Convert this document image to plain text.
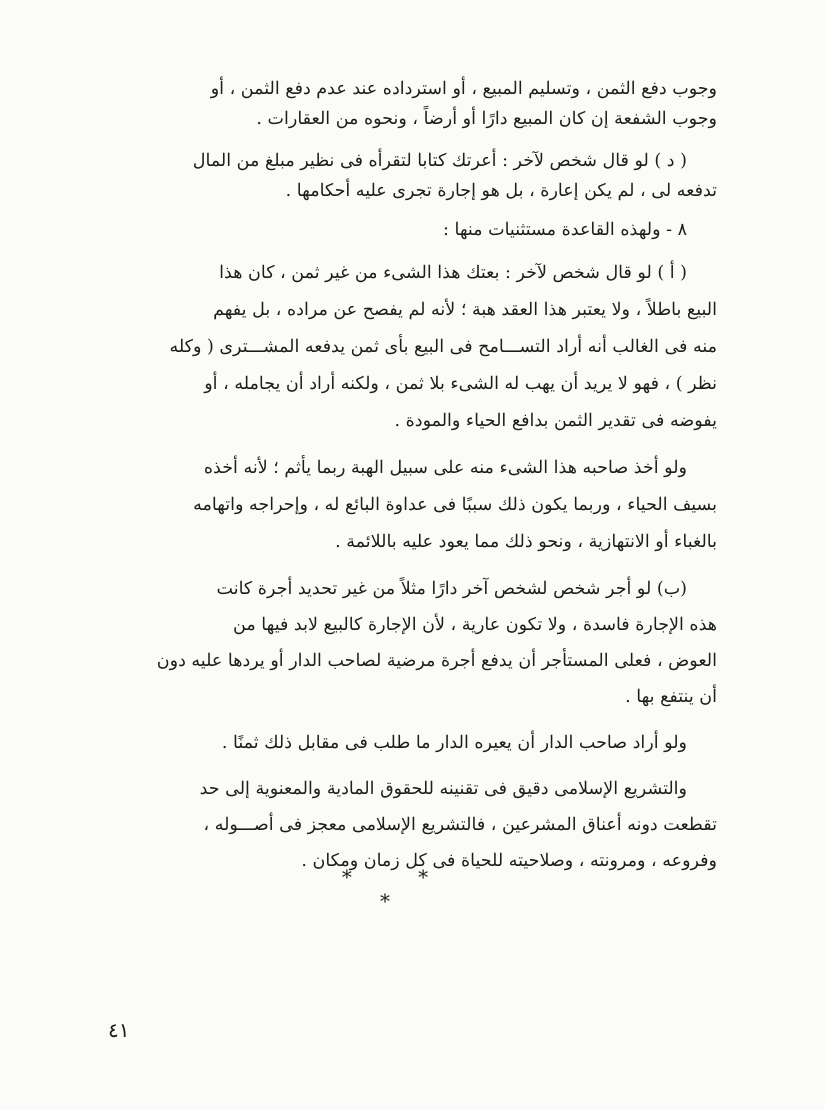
وجوب دفع الثمن ، وتسليم المبيع ، أو استرداده عند عدم دفع الثمن ، أو
وجوب الشفعة إن كان المبيع دارًا أو أرضاً ، ونحوه من العقارات .
( د ) لو قال شخص لآخر : أعرتك كتابا لتقرأه فى نظير مبلغ من المال
تدفعه لى ، لم يكن إعارة ، بل هو إجارة تجرى عليه أحكامها .
٨ - ولهذه القاعدة مستثنيات منها :
( أ ) لو قال شخص لآخر : بعتك هذا الشىء من غير ثمن ، كان هذا
البيع باطلاً ، ولا يعتبر هذا العقد هبة ؛ لأنه لم يفصح عن مراده ، بل يفهم
منه فى الغالب أنه أراد التســـامح فى البيع بأى ثمن يدفعه المشـــترى ( وكله
نظر ) ، فهو لا يريد أن يهب له الشىء بلا ثمن ، ولكنه أراد أن يجامله ، أو
يفوضه فى تقدير الثمن بدافع الحياء والمودة .
ولو أخذ صاحبه هذا الشىء منه على سبيل الهبة ربما يأثم ؛ لأنه أخذه
بسيف الحياء ، وربما يكون ذلك سببًا فى عداوة البائع له ، وإحراجه واتهامه
بالغباء أو الانتهازية ، ونحو ذلك مما يعود عليه باللائمة .
(ب) لو أجر شخص لشخص آخر دارًا مثلاً من غير تحديد أجرة كانت
هذه الإجارة فاسدة ، ولا تكون عارية ، لأن الإجارة كالبيع لابد فيها من
العوض ، فعلى المستأجر أن يدفع أجرة مرضية لصاحب الدار أو يردها عليه دون
أن ينتفع بها .
ولو أراد صاحب الدار أن يعيره الدار ما طلب فى مقابل ذلك ثمنًا .
والتشريع الإسلامى دقيق فى تقنينه للحقوق المادية والمعنوية إلى حد
تقطعت دونه أعناق المشرعين ، فالتشريع الإسلامى معجز فى أصـــوله ،
وفروعه ، ومرونته ، وصلاحيته للحياة فى كل زمان ومكان .
* * *
٤١
